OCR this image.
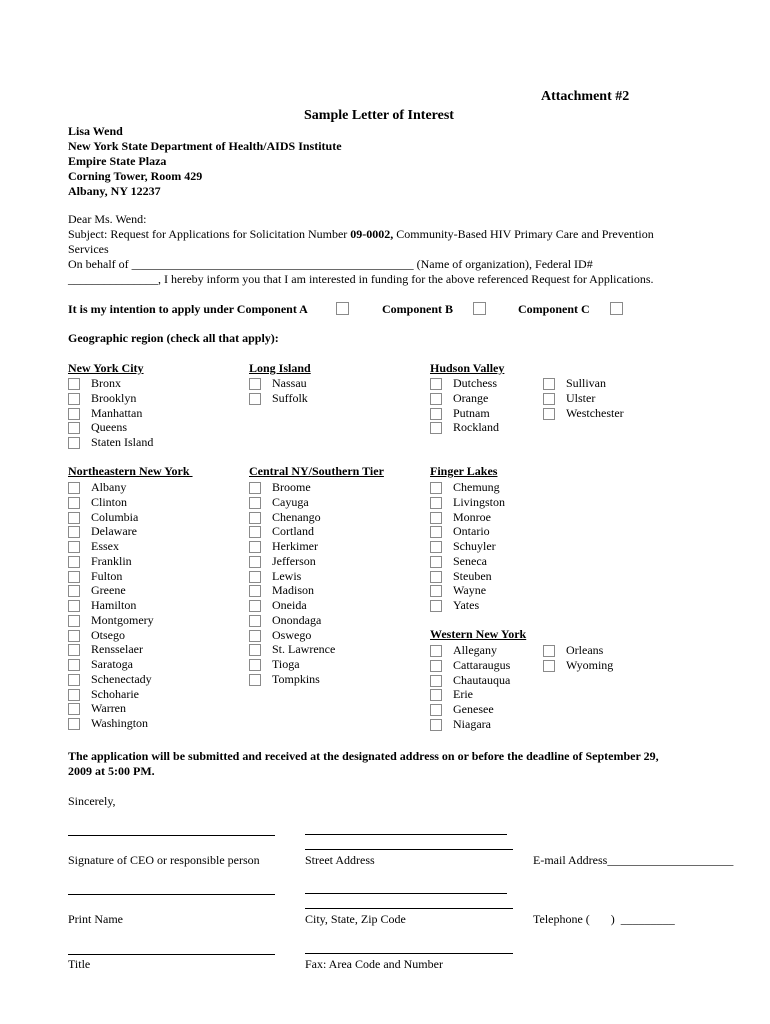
Attachment #2
Sample Letter of Interest
Lisa Wend
New York State Department of Health/AIDS Institute
Empire State Plaza
Corning Tower, Room 429
Albany, NY 12237
Dear Ms. Wend:
Subject: Request for Applications for Solicitation Number 09-0002, Community-Based HIV Primary Care and Prevention
Services
On behalf of _______________________________________________ (Name of organization), Federal ID#
_______________, I hereby inform you that I am interested in funding for the above referenced Request for Applications.
It is my intention to apply under Component A	Component B	Component C
Geographic region (check all that apply):
New York City	Long Island	Hudson Valley
Northeastern New York	Central NY/Southern Tier	Finger Lakes
Western New York
Bronx
Brooklyn
Manhattan
Queens
Staten Island
Nassau
Suffolk
Dutchess
Orange
Putnam
Rockland
Sullivan
Ulster
Westchester
Albany
Clinton
Columbia
Delaware
Essex
Franklin
Fulton
Greene
Hamilton
Montgomery
Otsego
Rensselaer
Saratoga
Schenectady
Schoharie
Warren
Washington
Broome
Cayuga
Chenango
Cortland
Herkimer
Jefferson
Lewis
Madison
Oneida
Onondaga
Oswego
St. Lawrence
Tioga
Tompkins
Chemung
Livingston
Monroe
Ontario
Schuyler
Seneca
Steuben
Wayne
Yates
Allegany
Cattaraugus
Chautauqua
Erie
Genesee
Niagara
Orleans
Wyoming
The application will be submitted and received at the designated address on or before the deadline of September 29,
2009 at 5:00 PM.
Sincerely,
Signature of CEO or responsible person	Street Address	E-mail Address_____________________
Print Name	City, State, Zip Code	Telephone (       )  _________
Title	Fax: Area Code and Number
